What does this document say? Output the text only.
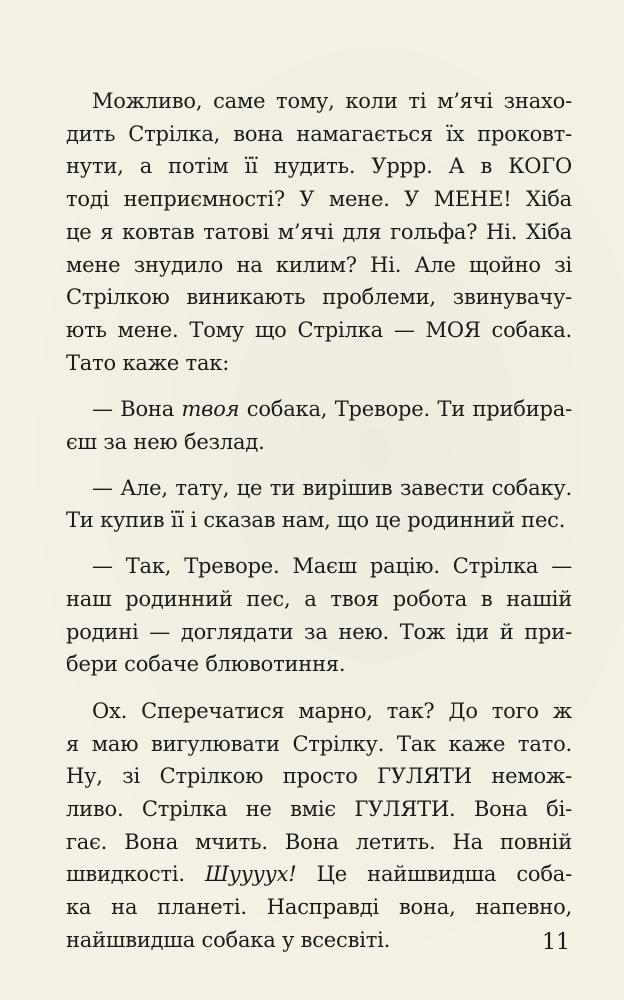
Можливо, саме тому, коли ті м’ячі знахо-
дить Стрілка, вона намагається їх проковт-
нути, а потім її нудить. Уррр. А в КОГО
тоді неприємності? У мене. У МЕНЕ! Хіба
це я ковтав татові м’ячі для гольфа? Ні. Хіба
мене знудило на килим? Ні. Але щойно зі
Стрілкою виникають проблеми, звинувачу-
ють мене. Тому що Стрілка — МОЯ собака.
Тато каже так:

— Вона твоя собака, Треворе. Ти прибира-
єш за нею безлад.

— Але, тату, це ти вирішив завести собаку.
Ти купив її і сказав нам, що це родинний пес.

— Так, Треворе. Маєш рацію. Стрілка —
наш родинний пес, а твоя робота в нашій
родині — доглядати за нею. Тож іди й при-
бери собаче блювотиння.

Ох. Сперечатися марно, так? До того ж
я маю вигулювати Стрілку. Так каже тато.
Ну, зі Стрілкою просто ГУЛЯТИ немож-
ливо. Стрілка не вміє ГУЛЯТИ. Вона бі-
гає. Вона мчить. Вона летить. На повній
швидкості. Шуууух! Це найшвидша соба-
ка на планеті. Насправді вона, напевно,
найшвидша собака у всесвіті.	11
